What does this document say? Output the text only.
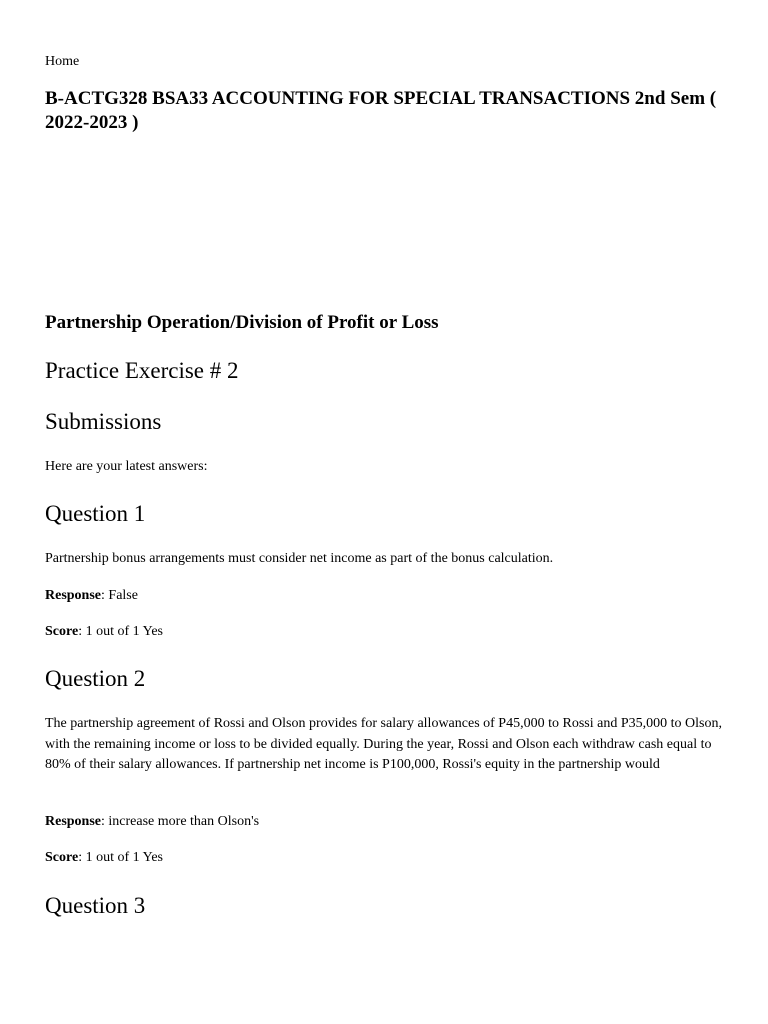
Home
B-ACTG328 BSA33 ACCOUNTING FOR SPECIAL TRANSACTIONS 2nd Sem ( 2022-2023 )
Partnership Operation/Division of Profit or Loss
Practice Exercise # 2
Submissions

Here are your latest answers:

Question 1

Partnership bonus arrangements must consider net income as part of the bonus calculation.

Response: False

Score: 1 out of 1 Yes

Question 2

The partnership agreement of Rossi and Olson provides for salary allowances of P45,000 to Rossi and P35,000 to Olson, with the remaining income or loss to be divided equally. During the year, Rossi and Olson each withdraw cash equal to 80% of their salary allowances. If partnership net income is P100,000, Rossi's equity in the partnership would

Response: increase more than Olson's

Score: 1 out of 1 Yes

Question 3
